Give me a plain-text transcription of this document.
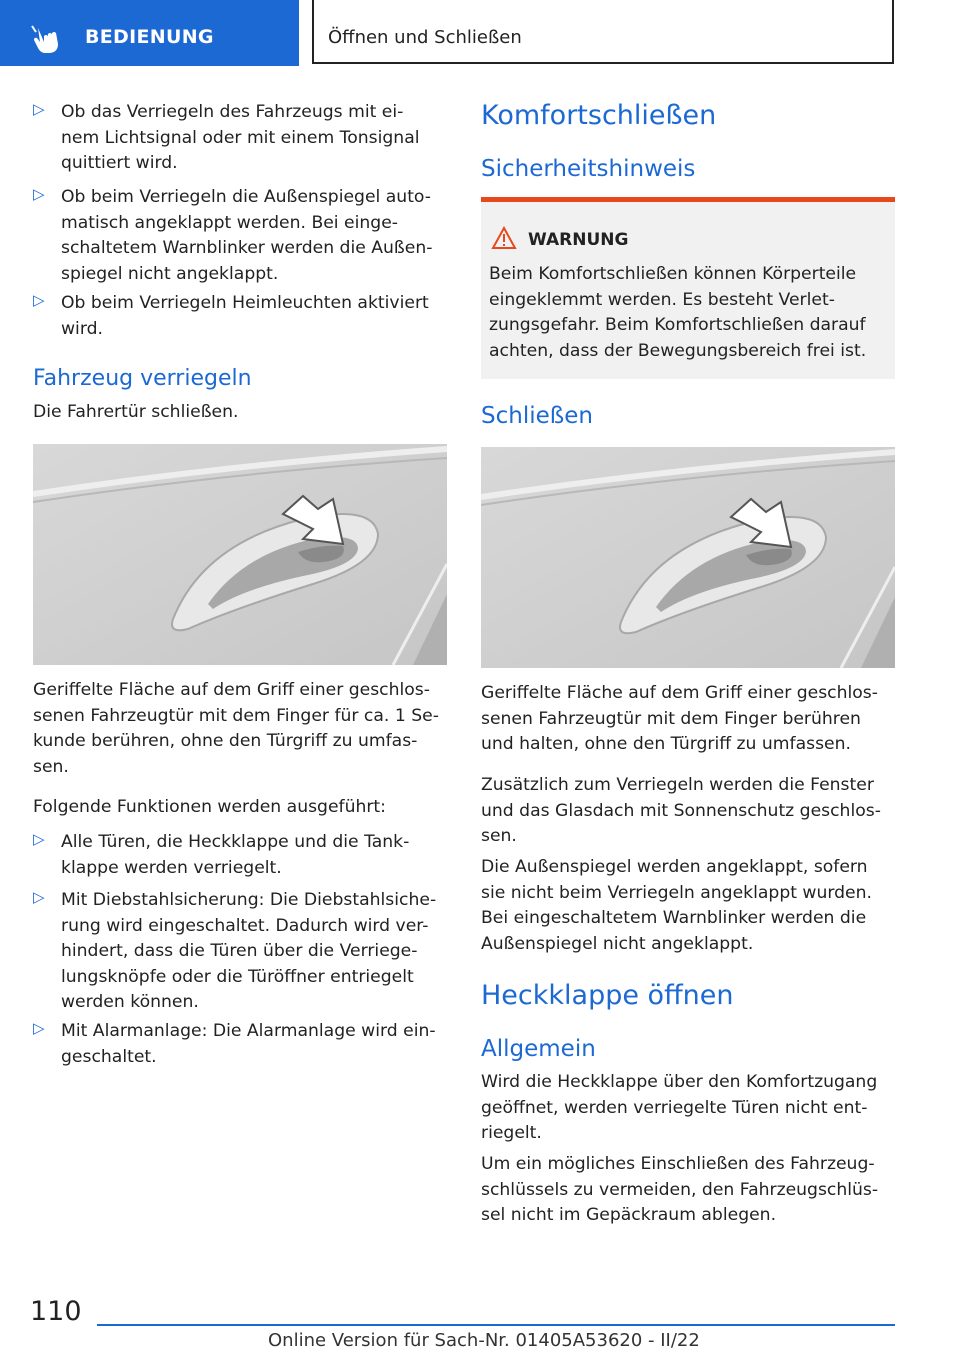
BEDIENUNG	Öffnen und Schließen
▷ Ob das Verriegeln des Fahrzeugs mit ei-
nem Lichtsignal oder mit einem Tonsignal
quittiert wird.
▷ Ob beim Verriegeln die Außenspiegel auto-
matisch angeklappt werden. Bei einge-
schaltetem Warnblinker werden die Außen-
spiegel nicht angeklappt.
▷ Ob beim Verriegeln Heimleuchten aktiviert
wird.
Fahrzeug verriegeln

Die Fahrertür schließen.

Geriffelte Fläche auf dem Griff einer geschlos-
senen Fahrzeugtür mit dem Finger für ca. 1 Se-
kunde berühren, ohne den Türgriff zu umfas-
sen.

Folgende Funktionen werden ausgeführt:

▷ Alle Türen, die Heckklappe und die Tank-
klappe werden verriegelt.
▷ Mit Diebstahlsicherung: Die Diebstahlsiche-
rung wird eingeschaltet. Dadurch wird ver-
hindert, dass die Türen über die Verriege-
lungsknöpfe oder die Türöffner entriegelt
werden können.
▷ Mit Alarmanlage: Die Alarmanlage wird ein-
geschaltet.
Komfortschließen
Sicherheitshinweis
WARNUNG
Beim Komfortschließen können Körperteile
eingeklemmt werden. Es besteht Verlet-
zungsgefahr. Beim Komfortschließen darauf
achten, dass der Bewegungsbereich frei ist.
Schließen
Geriffelte Fläche auf dem Griff einer geschlos-
senen Fahrzeugtür mit dem Finger berühren
und halten, ohne den Türgriff zu umfassen.
Zusätzlich zum Verriegeln werden die Fenster
und das Glasdach mit Sonnenschutz geschlos-
sen.
Die Außenspiegel werden angeklappt, sofern
sie nicht beim Verriegeln angeklappt wurden.
Bei eingeschaltetem Warnblinker werden die
Außenspiegel nicht angeklappt.
Heckklappe öffnen
Allgemein
Wird die Heckklappe über den Komfortzugang
geöffnet, werden verriegelte Türen nicht ent-
riegelt.
Um ein mögliches Einschließen des Fahrzeug-
schlüssels zu vermeiden, den Fahrzeugschlüs-
sel nicht im Gepäckraum ablegen.
110
Online Version für Sach-Nr. 01405A53620 - II/22
